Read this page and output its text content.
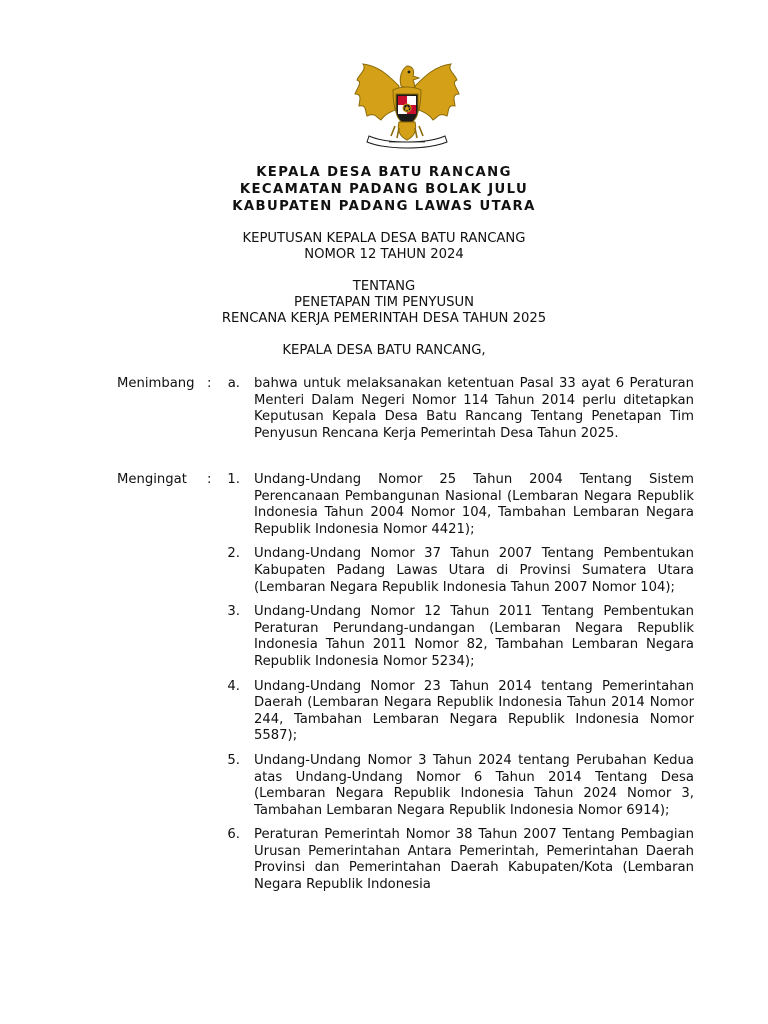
KEPALA DESA BATU RANCANG
KECAMATAN PADANG BOLAK JULU
KABUPATEN PADANG LAWAS UTARA
KEPUTUSAN KEPALA DESA BATU RANCANG
NOMOR 12 TAHUN 2024
TENTANG
PENETAPAN TIM PENYUSUN
RENCANA KERJA PEMERINTAH DESA TAHUN 2025
KEPALA DESA BATU RANCANG,
Menimbang :	a. bahwa untuk melaksanakan ketentuan Pasal 33 ayat 6 Peraturan Menteri Dalam Negeri Nomor 114 Tahun 2014 perlu ditetapkan Keputusan Kepala Desa Batu Rancang Tentang Penetapan Tim Penyusun Rencana Kerja Pemerintah Desa Tahun 2025.
Mengingat :	1. Undang-Undang Nomor 25 Tahun 2004 Tentang Sistem Perencanaan Pembangunan Nasional (Lembaran Negara Republik Indonesia Tahun 2004 Nomor 104, Tambahan Lembaran Negara Republik Indonesia Nomor 4421);
2. Undang-Undang Nomor 37 Tahun 2007 Tentang Pembentukan Kabupaten Padang Lawas Utara di Provinsi Sumatera Utara (Lembaran Negara Republik Indonesia Tahun 2007 Nomor 104);
3. Undang-Undang Nomor 12 Tahun 2011 Tentang Pembentukan Peraturan Perundang-undangan (Lembaran Negara Republik Indonesia Tahun 2011 Nomor 82, Tambahan Lembaran Negara Republik Indonesia Nomor 5234);
4. Undang-Undang Nomor 23 Tahun 2014 tentang Pemerintahan Daerah (Lembaran Negara Republik Indonesia Tahun 2014 Nomor 244, Tambahan Lembaran Negara Republik Indonesia Nomor 5587);
5. Undang-Undang Nomor 3 Tahun 2024 tentang Perubahan Kedua atas Undang-Undang Nomor 6 Tahun 2014 Tentang Desa (Lembaran Negara Republik Indonesia Tahun 2024 Nomor 3, Tambahan Lembaran Negara Republik Indonesia Nomor 6914);
6. Peraturan Pemerintah Nomor 38 Tahun 2007 Tentang Pembagian Urusan Pemerintahan Antara Pemerintah, Pemerintahan Daerah Provinsi dan Pemerintahan Daerah Kabupaten/Kota (Lembaran Negara Republik Indonesia
